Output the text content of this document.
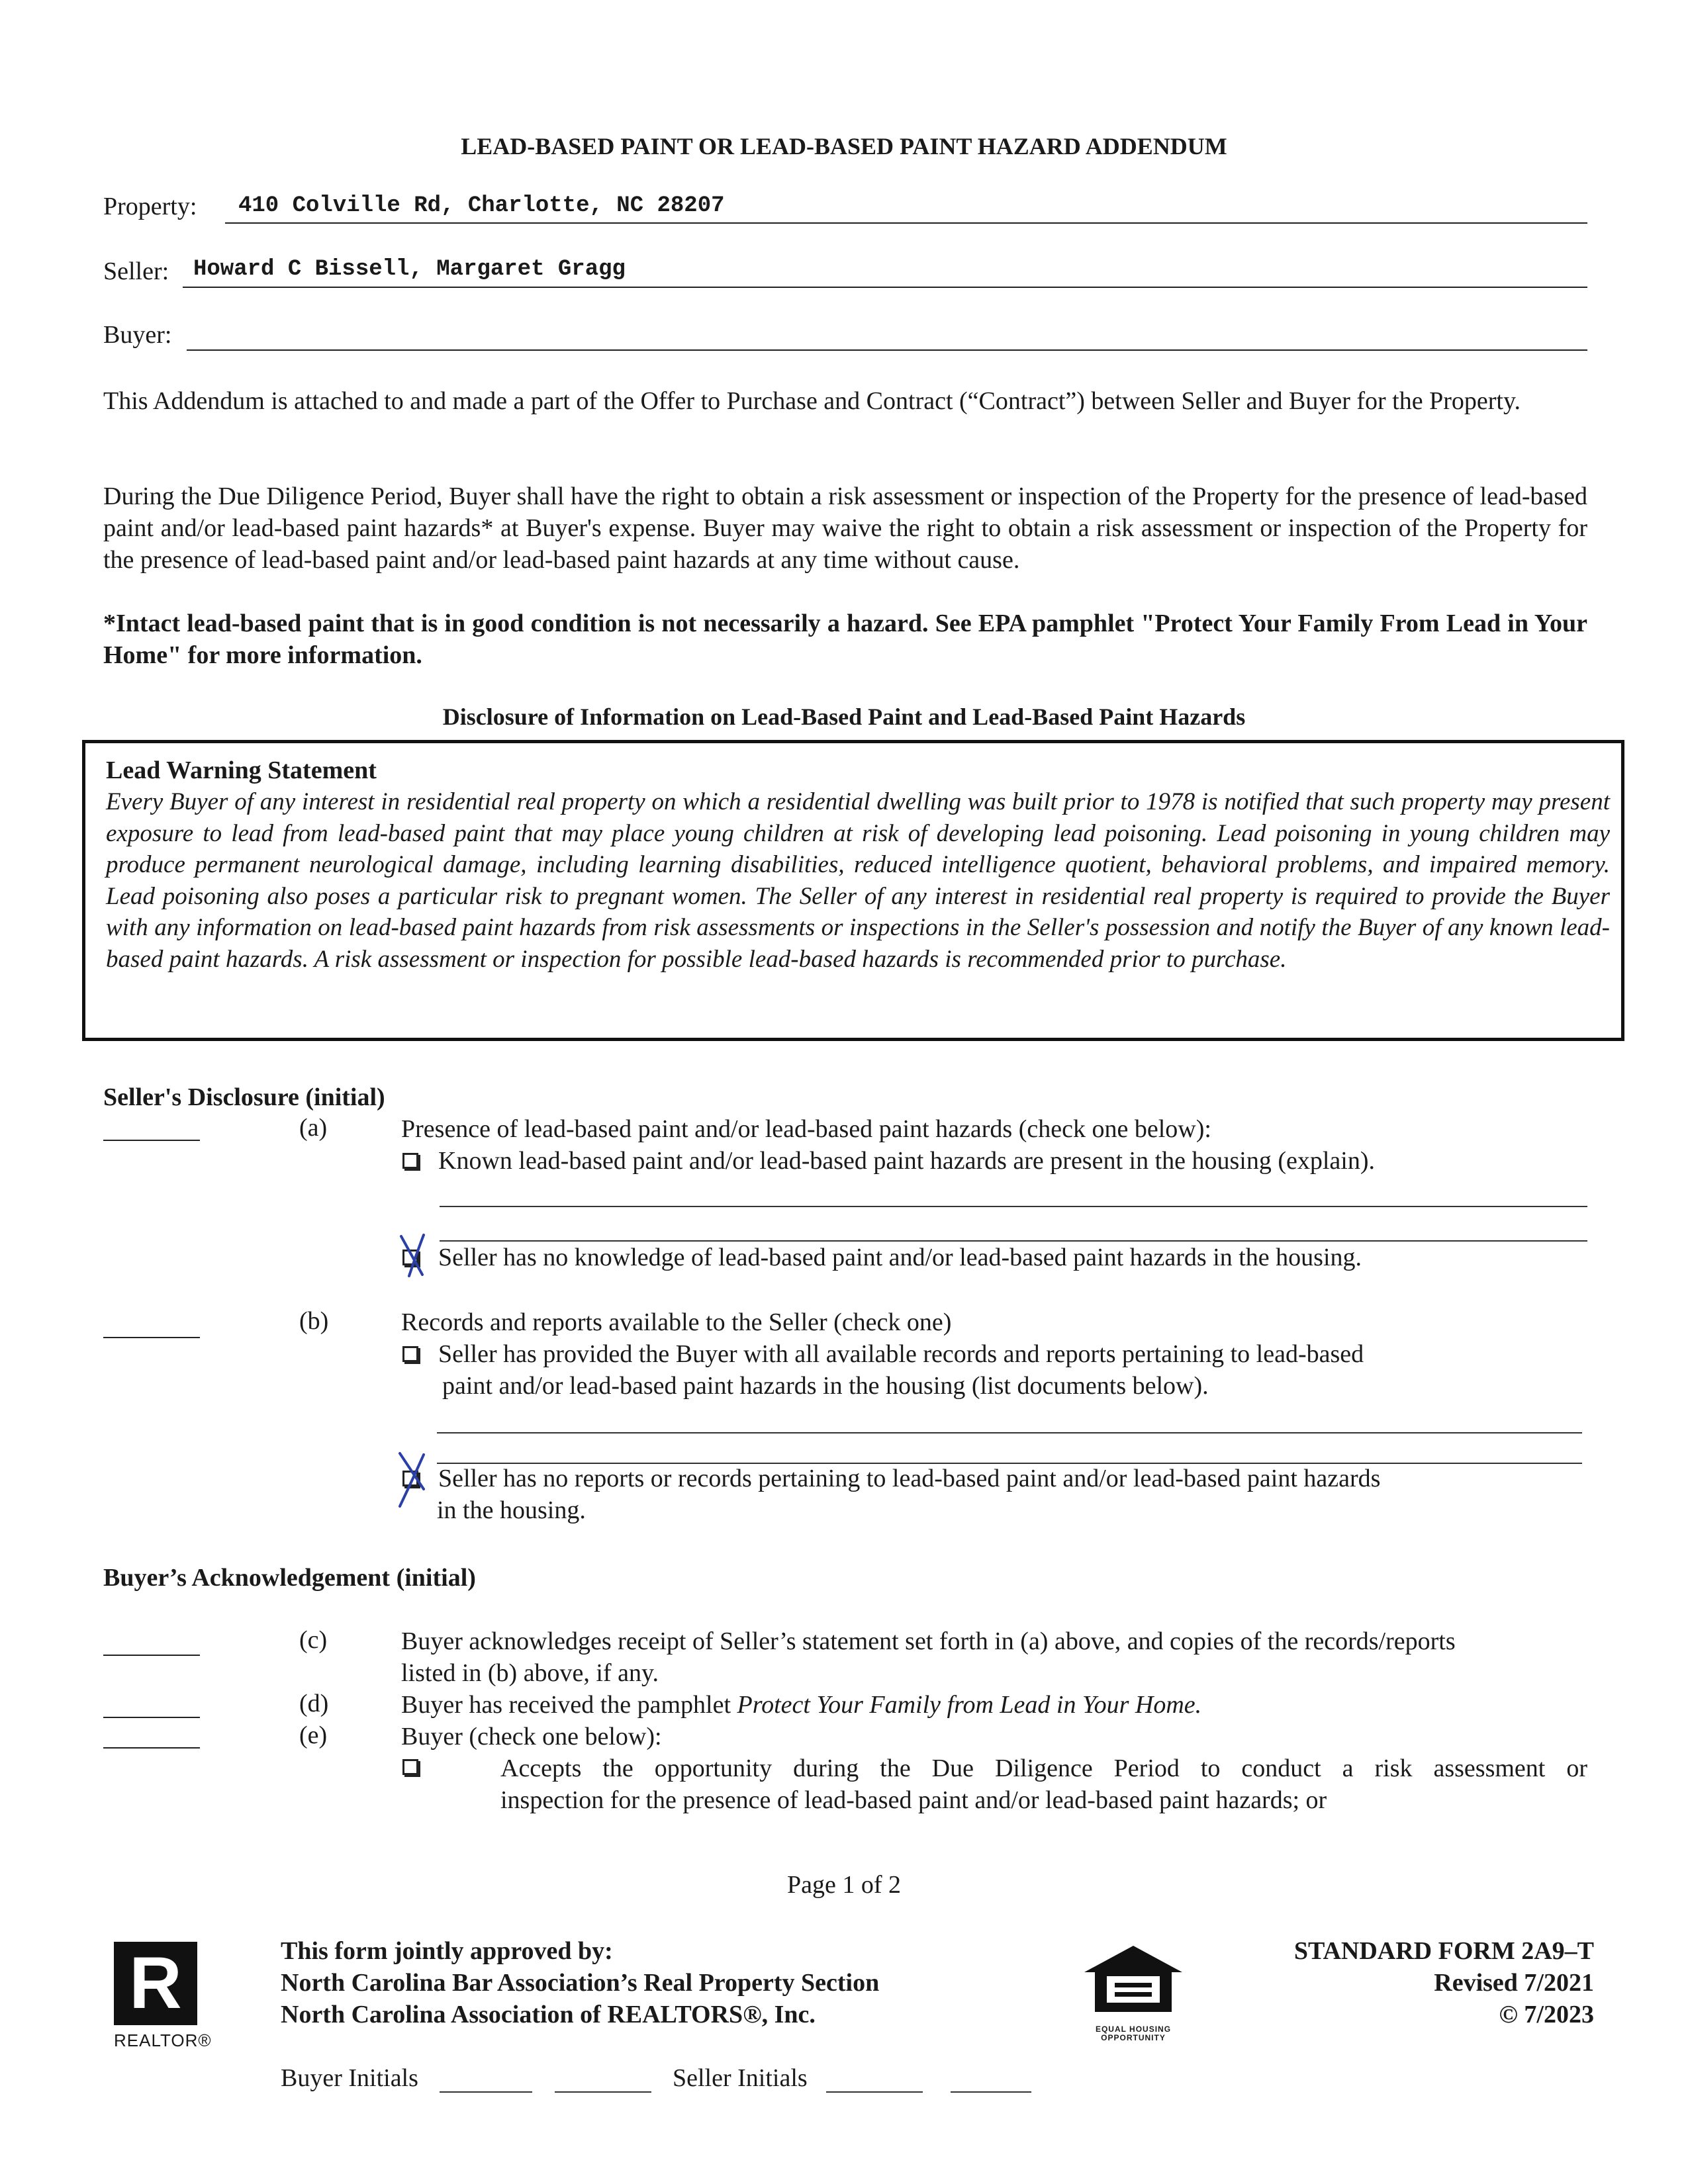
LEAD-BASED PAINT OR LEAD-BASED PAINT HAZARD ADDENDUM
Property: 410 Colville Rd, Charlotte, NC 28207
Seller: Howard C Bissell, Margaret Gragg
Buyer:
This Addendum is attached to and made a part of the Offer to Purchase and Contract (“Contract”) between Seller and Buyer for the Property.
During the Due Diligence Period, Buyer shall have the right to obtain a risk assessment or inspection of the Property for the presence of lead-based paint and/or lead-based paint hazards* at Buyer's expense. Buyer may waive the right to obtain a risk assessment or inspection of the Property for the presence of lead-based paint and/or lead-based paint hazards at any time without cause.
*Intact lead-based paint that is in good condition is not necessarily a hazard. See EPA pamphlet "Protect Your Family From Lead in Your Home" for more information.
Disclosure of Information on Lead-Based Paint and Lead-Based Paint Hazards
Lead Warning Statement
Every Buyer of any interest in residential real property on which a residential dwelling was built prior to 1978 is notified that such property may present exposure to lead from lead-based paint that may place young children at risk of developing lead poisoning. Lead poisoning in young children may produce permanent neurological damage, including learning disabilities, reduced intelligence quotient, behavioral problems, and impaired memory. Lead poisoning also poses a particular risk to pregnant women. The Seller of any interest in residential real property is required to provide the Buyer with any information on lead-based paint hazards from risk assessments or inspections in the Seller's possession and notify the Buyer of any known lead-based paint hazards. A risk assessment or inspection for possible lead-based hazards is recommended prior to purchase.
Seller's Disclosure (initial)
(a)	Presence of lead-based paint and/or lead-based paint hazards (check one below):
Known lead-based paint and/or lead-based paint hazards are present in the housing (explain).
Seller has no knowledge of lead-based paint and/or lead-based paint hazards in the housing.
(b)	Records and reports available to the Seller (check one)
Seller has provided the Buyer with all available records and reports pertaining to lead-based
paint and/or lead-based paint hazards in the housing (list documents below).
Seller has no reports or records pertaining to lead-based paint and/or lead-based paint hazards
in the housing.
Buyer’s Acknowledgement (initial)
(c)	Buyer acknowledges receipt of Seller’s statement set forth in (a) above, and copies of the records/reports
listed in (b) above, if any.
(d)	Buyer has received the pamphlet Protect Your Family from Lead in Your Home.
(e)	Buyer (check one below):
Accepts the opportunity during the Due Diligence Period to conduct a risk assessment or
inspection for the presence of lead-based paint and/or lead-based paint hazards; or
Page 1 of 2
R
REALTOR®
This form jointly approved by:
North Carolina Bar Association’s Real Property Section
North Carolina Association of REALTORS®, Inc.
EQUAL HOUSING OPPORTUNITY
STANDARD FORM 2A9–T
Revised 7/2021
© 7/2023
Buyer Initials	Seller Initials
